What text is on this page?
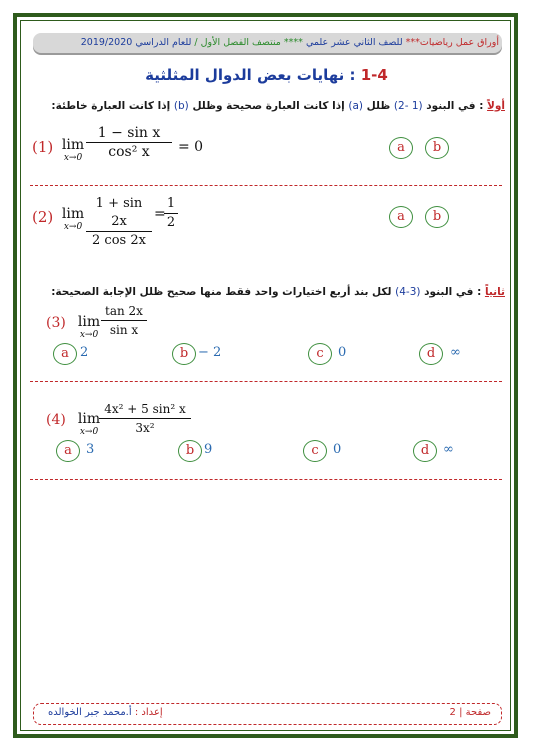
أوراق عمل رياضيات*** للصف الثاني عشر علمي **** منتصف الفصل الأول / للعام الدراسي 2019/2020
1-4 : نهايات بعض الدوال المثلثية
أولاً : في البنود (1 -2) ظلل (a) إذا كانت العبارة صحيحة وظلل (b) إذا كانت العبارة خاطئة:
(1) lim
$x\to 0 \frac{\text{1 − sin x}}{\text{cos² x}} = 0$	a	b
(2) lim
$x\to 0 \frac{1 + \sin 2x}{2 \cos 2x}$ =
$\frac{1}{2}$	a	b
ثانياً : في البنود (3-4) لكل بند أربع اختيارات واحد فقط منها صحيح ظلل الإجابة الصحيحة:
(3) lim
$x\to 0 \frac{\tan 2x}{\text{sin x}}$
a 2	b − 2	c	0	d	∞
(4) lim
$x\to 0 \frac{\text{4x² + 5 sin² x}}{\text{3x²}}$
a	3	b 9	c	0	d	∞
صفحة | 2
إعداد : أ.محمد جبر الخوالده
